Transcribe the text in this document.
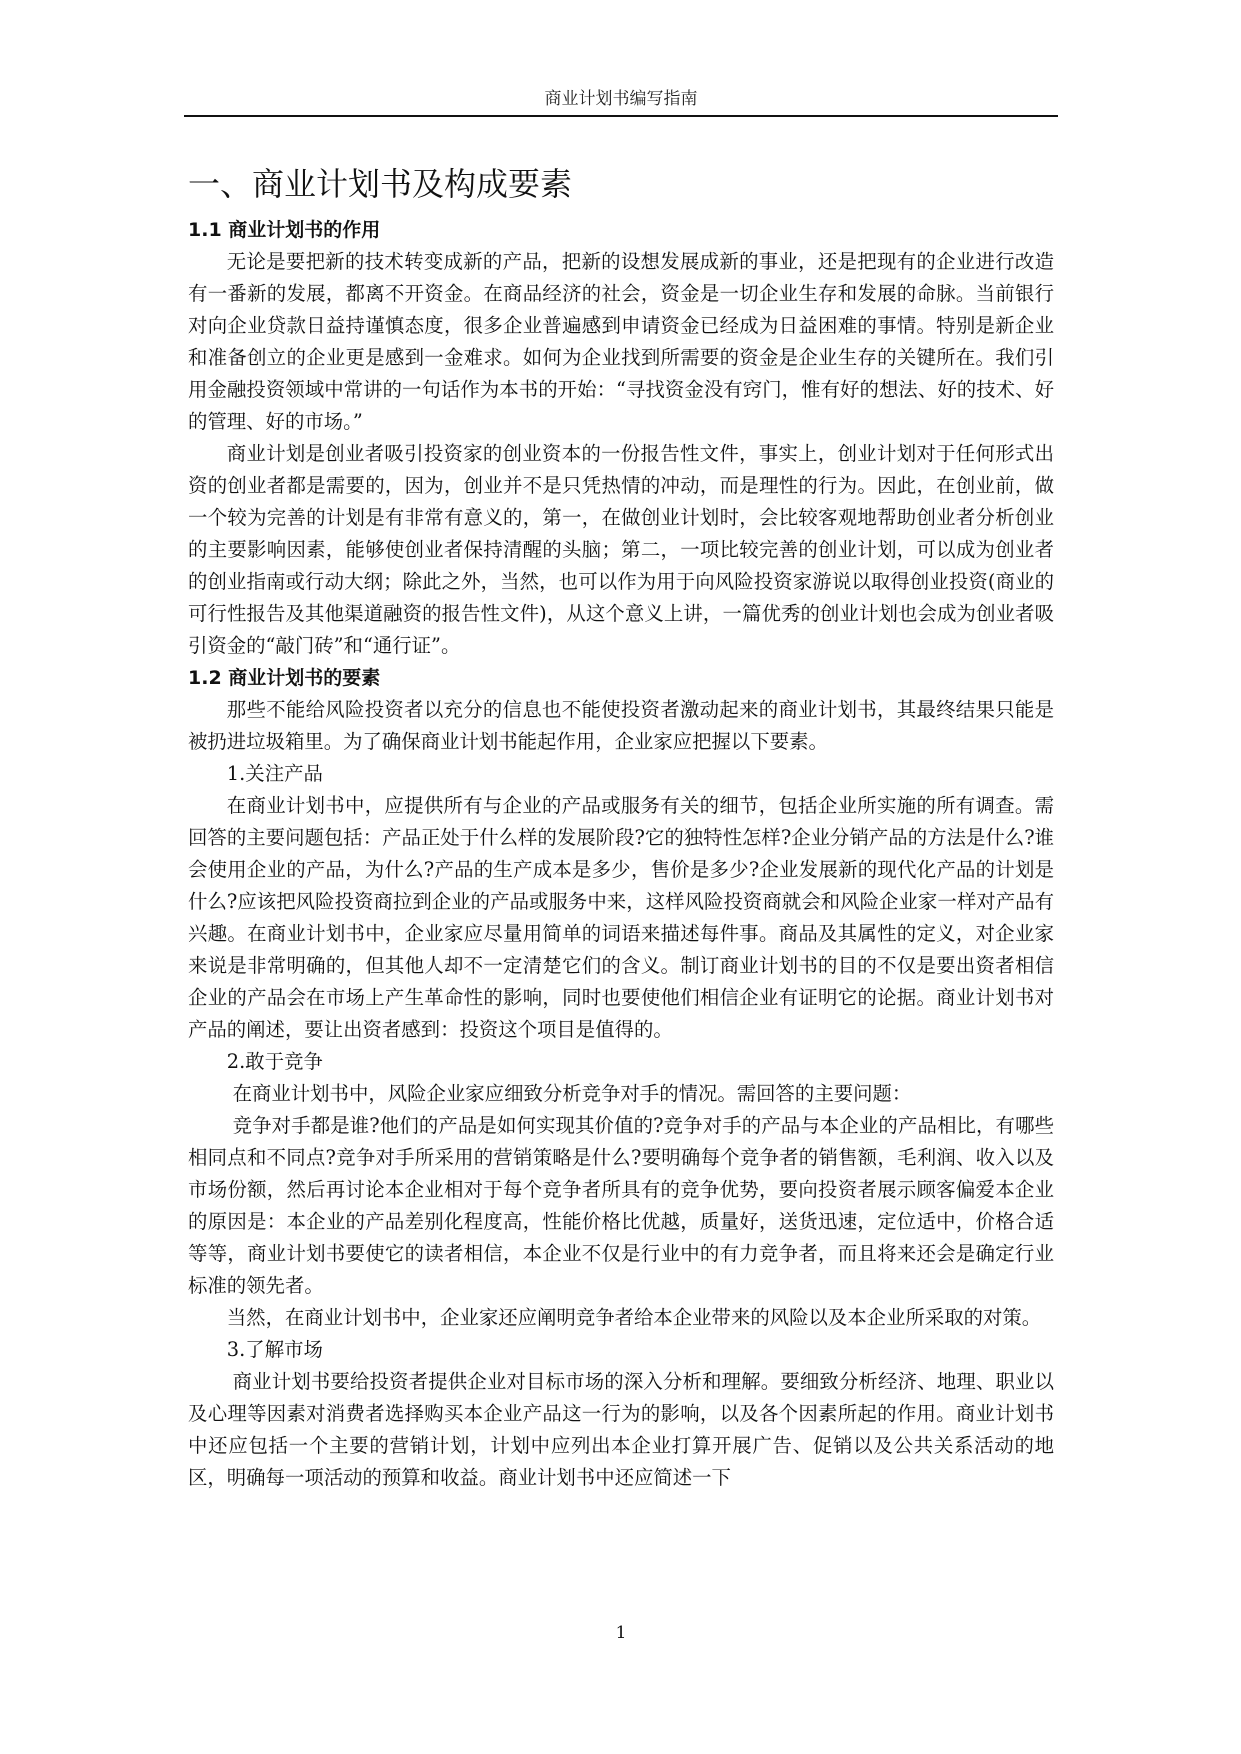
商业计划书编写指南
一、商业计划书及构成要素
1.1 商业计划书的作用

无论是要把新的技术转变成新的产品，把新的设想发展成新的事业，还是把现有的企业进行改造有一番新的发展，都离不开资金。在商品经济的社会，资金是一切企业生存和发展的命脉。当前银行对向企业贷款日益持谨慎态度，很多企业普遍感到申请资金已经成为日益困难的事情。特别是新企业和准备创立的企业更是感到一金难求。如何为企业找到所需要的资金是企业生存的关键所在。我们引用金融投资领域中常讲的一句话作为本书的开始：“寻找资金没有窍门，惟有好的想法、好的技术、好的管理、好的市场。”

商业计划是创业者吸引投资家的创业资本的一份报告性文件，事实上，创业计划对于任何形式出资的创业者都是需要的，因为，创业并不是只凭热情的冲动，而是理性的行为。因此，在创业前，做一个较为完善的计划是有非常有意义的，第一，在做创业计划时，会比较客观地帮助创业者分析创业的主要影响因素，能够使创业者保持清醒的头脑；第二，一项比较完善的创业计划，可以成为创业者的创业指南或行动大纲；除此之外，当然，也可以作为用于向风险投资家游说以取得创业投资(商业的可行性报告及其他渠道融资的报告性文件)，从这个意义上讲，一篇优秀的创业计划也会成为创业者吸引资金的“敲门砖”和“通行证”。

1.2 商业计划书的要素

那些不能给风险投资者以充分的信息也不能使投资者激动起来的商业计划书，其最终结果只能是被扔进垃圾箱里。为了确保商业计划书能起作用，企业家应把握以下要素。

1.关注产品

在商业计划书中，应提供所有与企业的产品或服务有关的细节，包括企业所实施的所有调查。需回答的主要问题包括：产品正处于什么样的发展阶段?它的独特性怎样?企业分销产品的方法是什么?谁会使用企业的产品，为什么?产品的生产成本是多少，售价是多少?企业发展新的现代化产品的计划是什么?应该把风险投资商拉到企业的产品或服务中来，这样风险投资商就会和风险企业家一样对产品有兴趣。在商业计划书中，企业家应尽量用简单的词语来描述每件事。商品及其属性的定义，对企业家来说是非常明确的，但其他人却不一定清楚它们的含义。制订商业计划书的目的不仅是要出资者相信企业的产品会在市场上产生革命性的影响，同时也要使他们相信企业有证明它的论据。商业计划书对产品的阐述，要让出资者感到：投资这个项目是值得的。

2.敢于竞争

在商业计划书中，风险企业家应细致分析竞争对手的情况。需回答的主要问题：

竞争对手都是谁?他们的产品是如何实现其价值的?竞争对手的产品与本企业的产品相比，有哪些相同点和不同点?竞争对手所采用的营销策略是什么?要明确每个竞争者的销售额，毛利润、收入以及市场份额，然后再讨论本企业相对于每个竞争者所具有的竞争优势，要向投资者展示顾客偏爱本企业的原因是：本企业的产品差别化程度高，性能价格比优越，质量好，送货迅速，定位适中，价格合适等等，商业计划书要使它的读者相信，本企业不仅是行业中的有力竞争者，而且将来还会是确定行业标准的领先者。

当然，在商业计划书中，企业家还应阐明竞争者给本企业带来的风险以及本企业所采取的对策。

3.了解市场

商业计划书要给投资者提供企业对目标市场的深入分析和理解。要细致分析经济、地理、职业以及心理等因素对消费者选择购买本企业产品这一行为的影响，以及各个因素所起的作用。商业计划书中还应包括一个主要的营销计划，计划中应列出本企业打算开展广告、促销以及公共关系活动的地区，明确每一项活动的预算和收益。商业计划书中还应简述一下

1
